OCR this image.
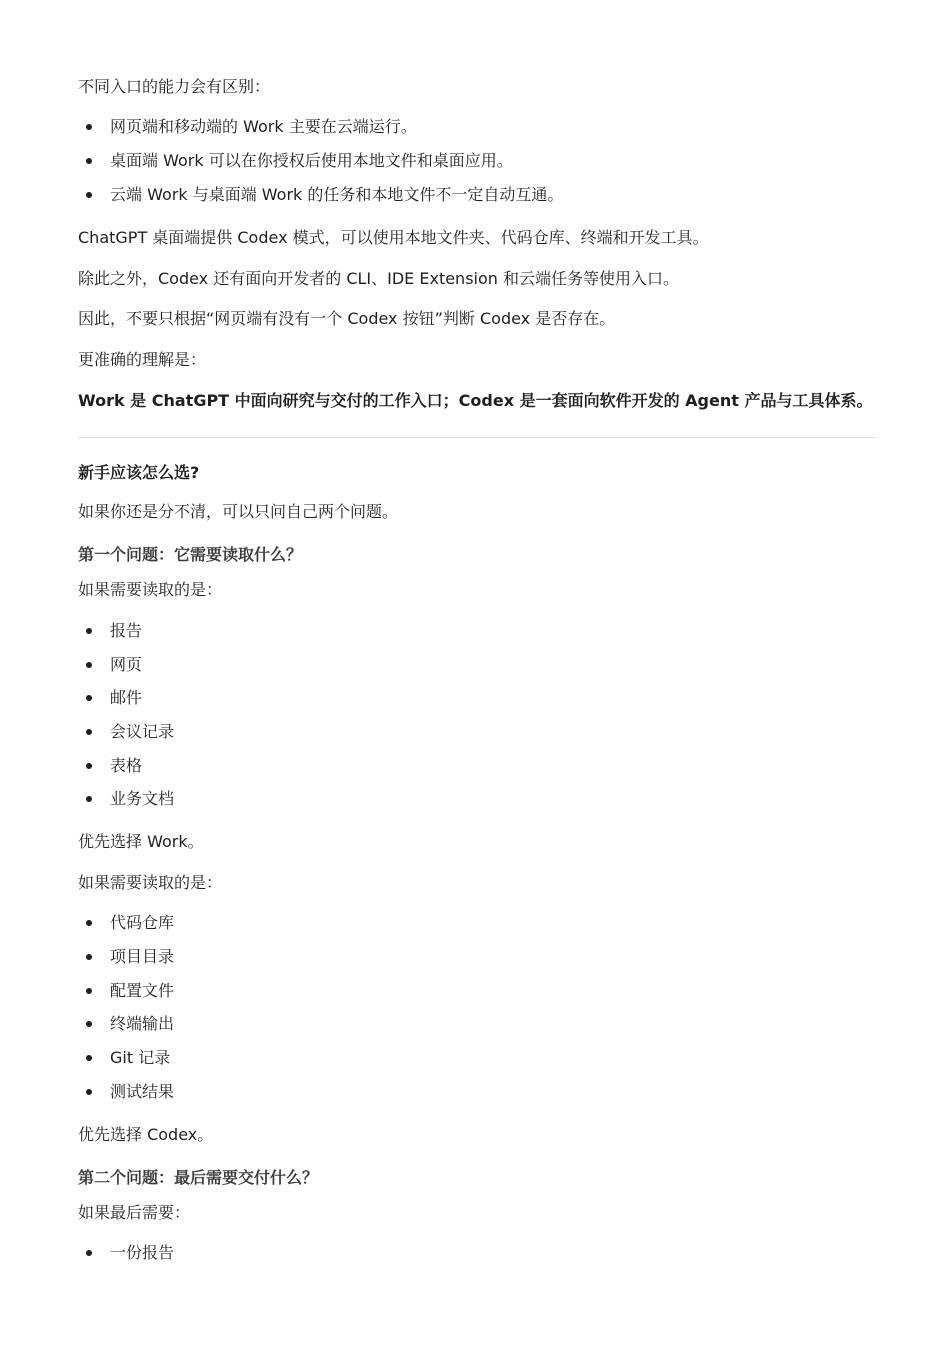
不同入口的能力会有区别：
网页端和移动端的 Work 主要在云端运行。
桌面端 Work 可以在你授权后使用本地文件和桌面应用。
云端 Work 与桌面端 Work 的任务和本地文件不一定自动互通。
ChatGPT 桌面端提供 Codex 模式，可以使用本地文件夹、代码仓库、终端和开发工具。
除此之外，Codex 还有面向开发者的 CLI、IDE Extension 和云端任务等使用入口。
因此，不要只根据“网页端有没有一个 Codex 按钮”判断 Codex 是否存在。
更准确的理解是：
Work 是 ChatGPT 中面向研究与交付的工作入口；Codex 是一套面向软件开发的 Agent 产品与工具体系。
新手应该怎么选?
如果你还是分不清，可以只问自己两个问题。
第一个问题：它需要读取什么？
如果需要读取的是：
报告
网页
邮件
会议记录
表格
业务文档
优先选择 Work。
如果需要读取的是：
代码仓库
项目目录
配置文件
终端输出
Git 记录
测试结果
优先选择 Codex。
第二个问题：最后需要交付什么？
如果最后需要：
一份报告
